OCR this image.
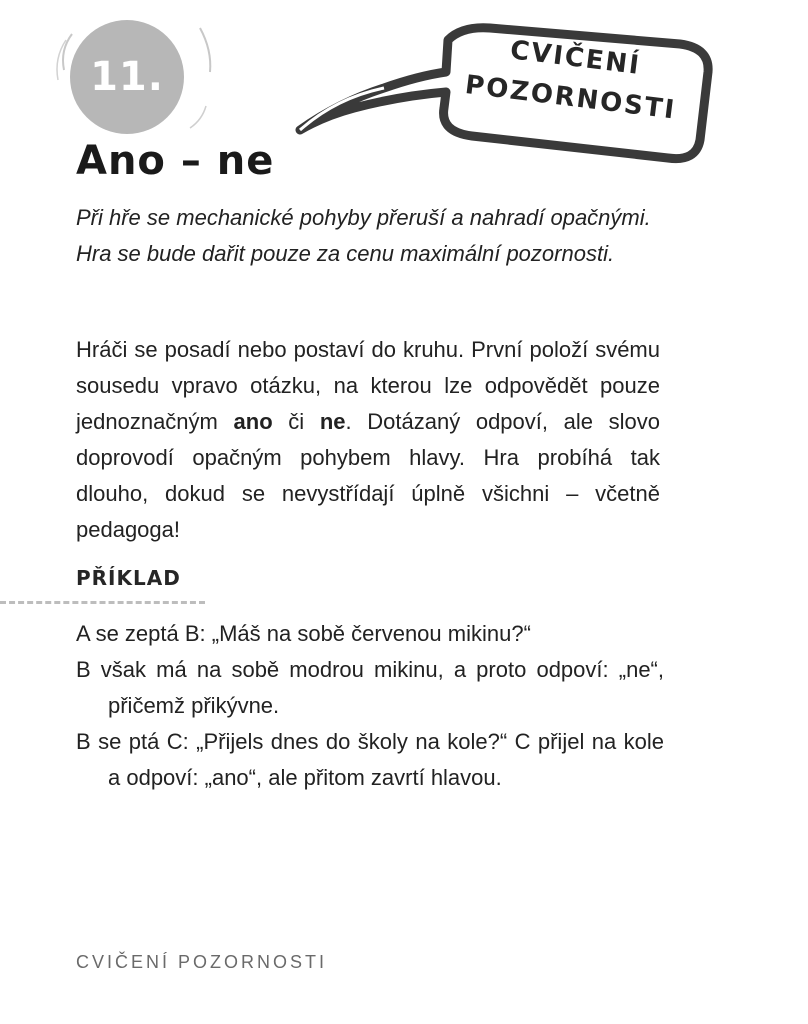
11.	CVIČENÍ
POZORNOSTI
Ano – ne

Při hře se mechanické pohyby přeruší a nahradí opačnými. Hra se bude dařit pouze za cenu maximální pozornosti.

Hráči se posadí nebo postaví do kruhu. První položí svému sousedu vpravo otázku, na kterou lze odpovědět pouze jednoznačným ano či ne. Dotázaný odpoví, ale slovo doprovodí opačným pohybem hlavy. Hra probíhá tak dlouho, dokud se nevystřídají úplně všichni – včetně pedagoga!

PŘÍKLAD
A se zeptá B: „Máš na sobě červenou mikinu?“
B však má na sobě modrou mikinu, a proto odpoví: „ne“, přičemž přikývne.
B se ptá C: „Přijels dnes do školy na kole?“ C přijel na kole a odpoví: „ano“, ale přitom zavrtí hlavou.
CVIČENÍ POZORNOSTI
